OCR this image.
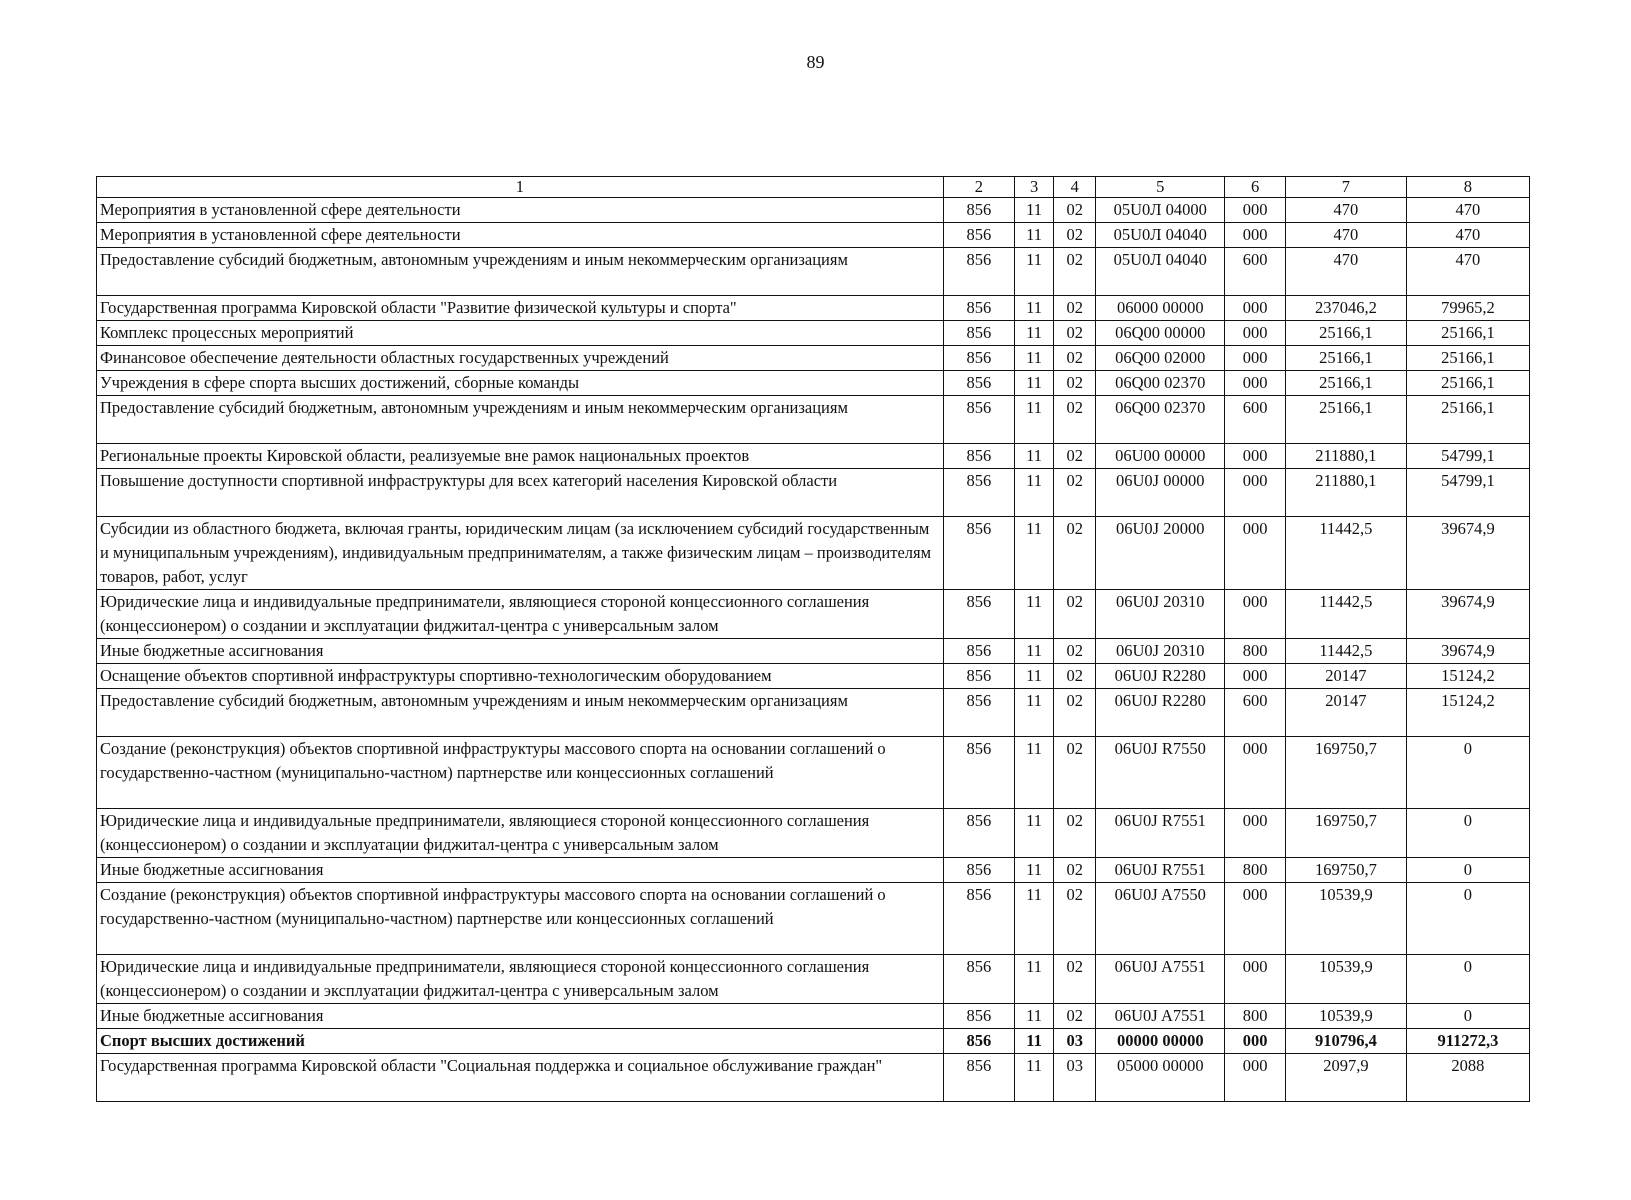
89
1	2	3	4	5	6	7	8
Мероприятия в установленной сфере деятельности	856	11	02	05U0Л 04000	000	470	470
Мероприятия в установленной сфере деятельности	856	11	02	05U0Л 04040	000	470	470
Предоставление субсидий бюджетным, автономным учреждениям и иным некоммерческим организациям	856	11	02	05U0Л 04040	600	470	470
Государственная программа Кировской области "Развитие физической культуры и спорта"	856	11	02	06000 00000	000	237046,2	79965,2
Комплекс процессных мероприятий	856	11	02	06Q00 00000	000	25166,1	25166,1
Финансовое обеспечение деятельности областных государственных учреждений	856	11	02	06Q00 02000	000	25166,1	25166,1
Учреждения в сфере спорта высших достижений, сборные команды	856	11	02	06Q00 02370	000	25166,1	25166,1
Предоставление субсидий бюджетным, автономным учреждениям и иным некоммерческим организациям	856	11	02	06Q00 02370	600	25166,1	25166,1
Региональные проекты Кировской области, реализуемые вне рамок национальных проектов	856	11	02	06U00 00000	000	211880,1	54799,1
Повышение доступности спортивной инфраструктуры для всех категорий населения Кировской области	856	11	02	06U0J 00000	000	211880,1	54799,1
Субсидии из областного бюджета, включая гранты, юридическим лицам (за исключением субсидий государственным и муниципальным учреждениям), индивидуальным предпринимателям, а также физическим лицам – производителям товаров, работ, услуг	856	11	02	06U0J 20000	000	11442,5	39674,9
Юридические лица и индивидуальные предприниматели, являющиеся стороной концессионного соглашения (концессионером) о создании и эксплуатации фиджитал-центра с универсальным залом	856	11	02	06U0J 20310	000	11442,5	39674,9
Иные бюджетные ассигнования	856	11	02	06U0J 20310	800	11442,5	39674,9
Оснащение объектов спортивной инфраструктуры спортивно-технологическим оборудованием	856	11	02	06U0J R2280	000	20147	15124,2
Предоставление субсидий бюджетным, автономным учреждениям и иным некоммерческим организациям	856	11	02	06U0J R2280	600	20147	15124,2
Создание (реконструкция) объектов спортивной инфраструктуры массового спорта на основании соглашений о государственно-частном (муниципально-частном) партнерстве или концессионных соглашений	856	11	02	06U0J R7550	000	169750,7	0
Юридические лица и индивидуальные предприниматели, являющиеся стороной концессионного соглашения (концессионером) о создании и эксплуатации фиджитал-центра с универсальным залом	856	11	02	06U0J R7551	000	169750,7	0
Иные бюджетные ассигнования	856	11	02	06U0J R7551	800	169750,7	0
Создание (реконструкция) объектов спортивной инфраструктуры массового спорта на основании соглашений о государственно-частном (муниципально-частном) партнерстве или концессионных соглашений	856	11	02	06U0J A7550	000	10539,9	0
Юридические лица и индивидуальные предприниматели, являющиеся стороной концессионного соглашения (концессионером) о создании и эксплуатации фиджитал-центра с универсальным залом	856	11	02	06U0J A7551	000	10539,9	0
Иные бюджетные ассигнования	856	11	02	06U0J A7551	800	10539,9	0
Спорт высших достижений	856	11	03	00000 00000	000	910796,4	911272,3
Государственная программа Кировской области "Социальная поддержка и социальное обслуживание граждан"	856	11	03	05000 00000	000	2097,9	2088
